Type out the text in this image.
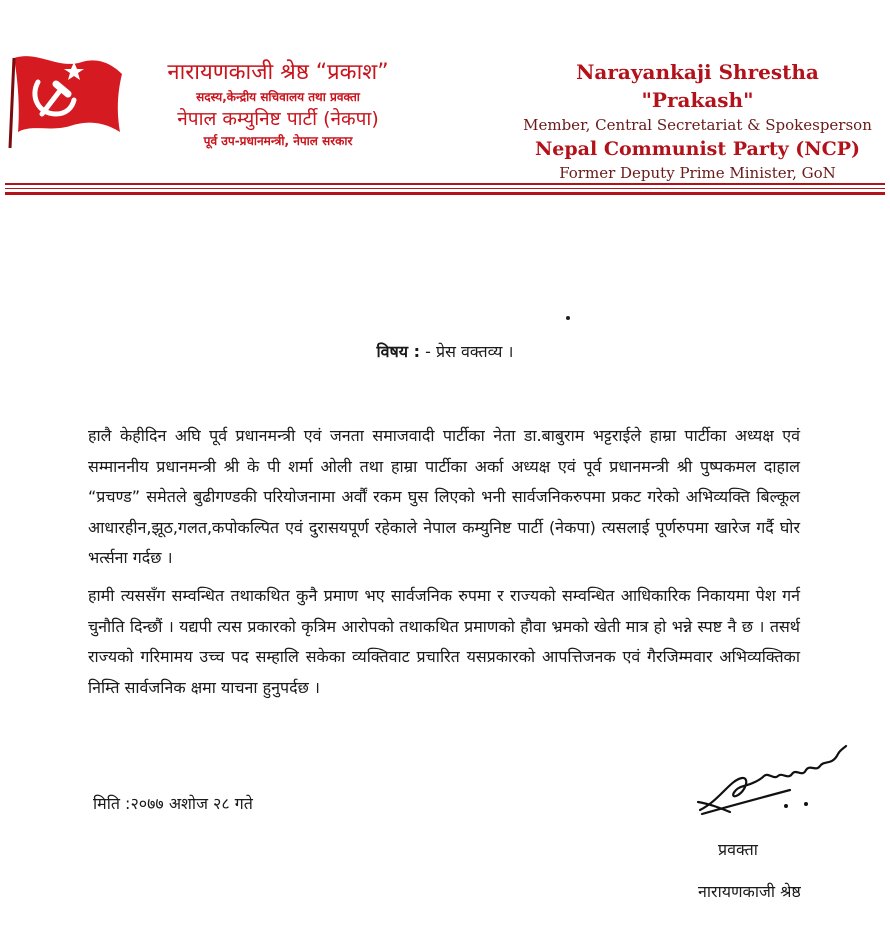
नारायणकाजी श्रेष्ठ “प्रकाश”
सदस्य,केन्द्रीय सचिवालय तथा प्रवक्ता
नेपाल कम्युनिष्ट पार्टी (नेकपा)
पूर्व उप-प्रधानमन्त्री, नेपाल सरकार
Narayankaji Shrestha "Prakash"
Member, Central Secretariat & Spokesperson
Nepal Communist Party (NCP)
Former Deputy Prime Minister, GoN
विषय : - प्रेस वक्तव्य ।
हालै केहीदिन अघि पूर्व प्रधानमन्त्री एवं जनता समाजवादी पार्टीका नेता डा.बाबुराम भट्टराईले हाम्रा पार्टीका अध्यक्ष एवं सम्माननीय प्रधानमन्त्री श्री के पी शर्मा ओली तथा हाम्रा पार्टीका अर्का अध्यक्ष एवं पूर्व प्रधानमन्त्री श्री पुष्पकमल दाहाल “प्रचण्ड” समेतले बुढीगण्डकी परियोजनामा अर्वौं रकम घुस लिएको भनी सार्वजनिकरुपमा प्रकट गरेको अभिव्यक्ति बिल्कूल आधारहीन,झूठ,गलत,कपोकल्पित एवं दुरासयपूर्ण रहेकाले नेपाल कम्युनिष्ट पार्टी (नेकपा) त्यसलाई पूर्णरुपमा खारेज गर्दै घोर भर्त्सना गर्दछ ।
हामी त्यससँग सम्वन्धित तथाकथित कुनै प्रमाण भए सार्वजनिक रुपमा र राज्यको सम्वन्धित आधिकारिक निकायमा पेश गर्न चुनौति दिन्छौं । यद्यपी त्यस प्रकारको कृत्रिम आरोपको तथाकथित प्रमाणको हौवा भ्रमको खेती मात्र हो भन्ने स्पष्ट नै छ । तसर्थ राज्यको गरिमामय उच्च पद सम्हालि सकेका व्यक्तिवाट प्रचारित यसप्रकारको आपत्तिजनक एवं गैरजिम्मवार अभिव्यक्तिका निम्ति सार्वजनिक क्षमा याचना हुनुपर्दछ ।
मिति :२०७७ अशोज २८ गते
प्रवक्ता
नारायणकाजी श्रेष्ठ
